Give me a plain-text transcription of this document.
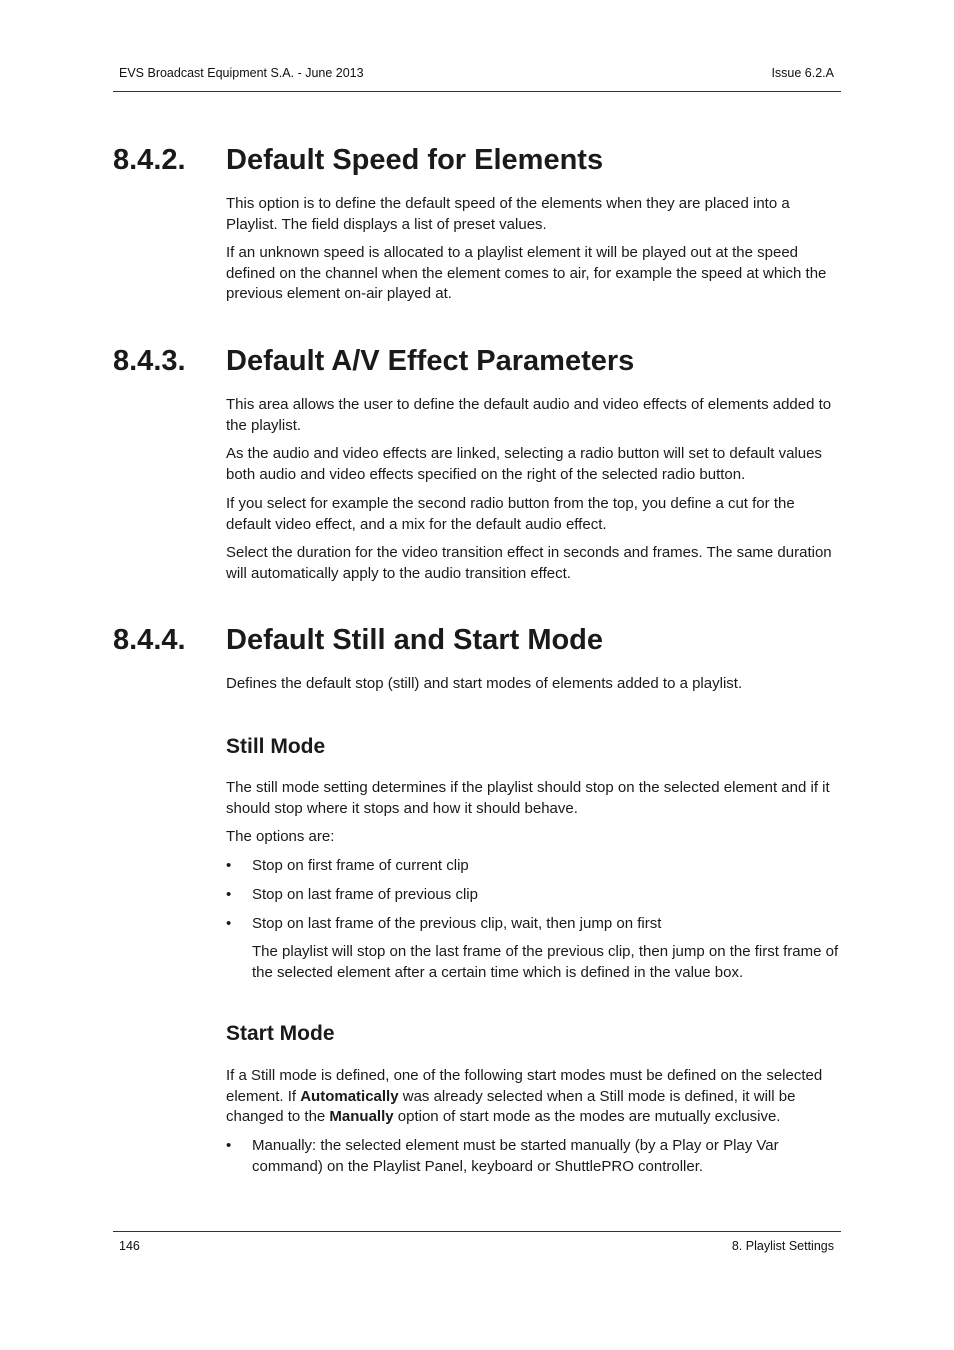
EVS Broadcast Equipment S.A. - June 2013	Issue 6.2.A
8.4.2. Default Speed for Elements
This option is to define the default speed of the elements when they are placed into a Playlist. The field displays a list of preset values.
If an unknown speed is allocated to a playlist element it will be played out at the speed defined on the channel when the element comes to air, for example the speed at which the previous element on-air played at.
8.4.3. Default A/V Effect Parameters
This area allows the user to define the default audio and video effects of elements added to the playlist.
As the audio and video effects are linked, selecting a radio button will set to default values both audio and video effects specified on the right of the selected radio button.
If you select for example the second radio button from the top, you define a cut for the default video effect, and a mix for the default audio effect.
Select the duration for the video transition effect in seconds and frames. The same duration will automatically apply to the audio transition effect.
8.4.4. Default Still and Start Mode
Defines the default stop (still) and start modes of elements added to a playlist.
Still Mode
The still mode setting determines if the playlist should stop on the selected element and if it should stop where it stops and how it should behave.
The options are:
• Stop on first frame of current clip
• Stop on last frame of previous clip
• Stop on last frame of the previous clip, wait, then jump on first
The playlist will stop on the last frame of the previous clip, then jump on the first frame of the selected element after a certain time which is defined in the value box.
Start Mode
If a Still mode is defined, one of the following start modes must be defined on the selected element. If Automatically was already selected when a Still mode is defined, it will be changed to the Manually option of start mode as the modes are mutually exclusive.
• Manually: the selected element must be started manually (by a Play or Play Var command) on the Playlist Panel, keyboard or ShuttlePRO controller.
146	8. Playlist Settings
